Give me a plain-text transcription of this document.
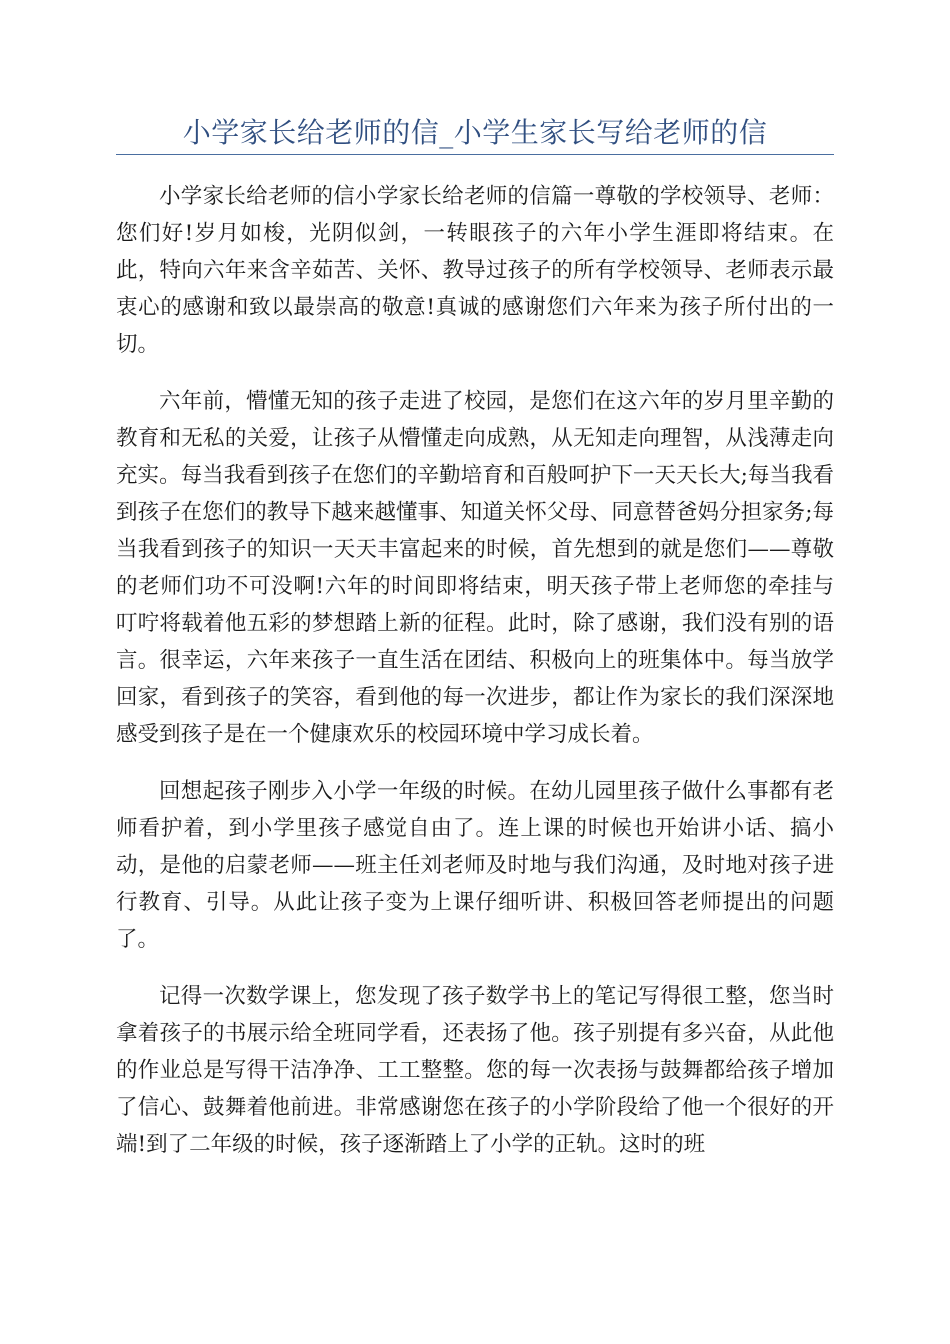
小学家长给老师的信_小学生家长写给老师的信

小学家长给老师的信小学家长给老师的信篇一尊敬的学校领导、老师： 您们好!岁月如梭，光阴似剑，一转眼孩子的六年小学生涯即将结束。在此，特向六年来含辛茹苦、关怀、教导过孩子的所有学校领导、老师表示最衷心的感谢和致以最崇高的敬意!真诚的感谢您们六年来为孩子所付出的一切。

六年前，懵懂无知的孩子走进了校园，是您们在这六年的岁月里辛勤的教育和无私的关爱，让孩子从懵懂走向成熟，从无知走向理智，从浅薄走向充实。每当我看到孩子在您们的辛勤培育和百般呵护下一天天长大;每当我看到孩子在您们的教导下越来越懂事、知道关怀父母、同意替爸妈分担家务;每当我看到孩子的知识一天天丰富起来的时候，首先想到的就是您们——尊敬的老师们功不可没啊!六年的时间即将结束，明天孩子带上老师您的牵挂与叮咛将载着他五彩的梦想踏上新的征程。此时，除了感谢，我们没有别的语言。很幸运，六年来孩子一直生活在团结、积极向上的班集体中。每当放学回家，看到孩子的笑容，看到他的每一次进步，都让作为家长的我们深深地感受到孩子是在一个健康欢乐的校园环境中学习成长着。

回想起孩子刚步入小学一年级的时候。在幼儿园里孩子做什么事都有老师看护着，到小学里孩子感觉自由了。连上课的时候也开始讲小话、搞小动，是他的启蒙老师——班主任刘老师及时地与我们沟通，及时地对孩子进行教育、引导。从此让孩子变为上课仔细听讲、积极回答老师提出的问题了。

记得一次数学课上，您发现了孩子数学书上的笔记写得很工整，您当时拿着孩子的书展示给全班同学看，还表扬了他。孩子别提有多兴奋，从此他的作业总是写得干洁净净、工工整整。您的每一次表扬与鼓舞都给孩子增加了信心、鼓舞着他前进。非常感谢您在孩子的小学阶段给了他一个很好的开端!到了二年级的时候，孩子逐渐踏上了小学的正轨。这时的班
